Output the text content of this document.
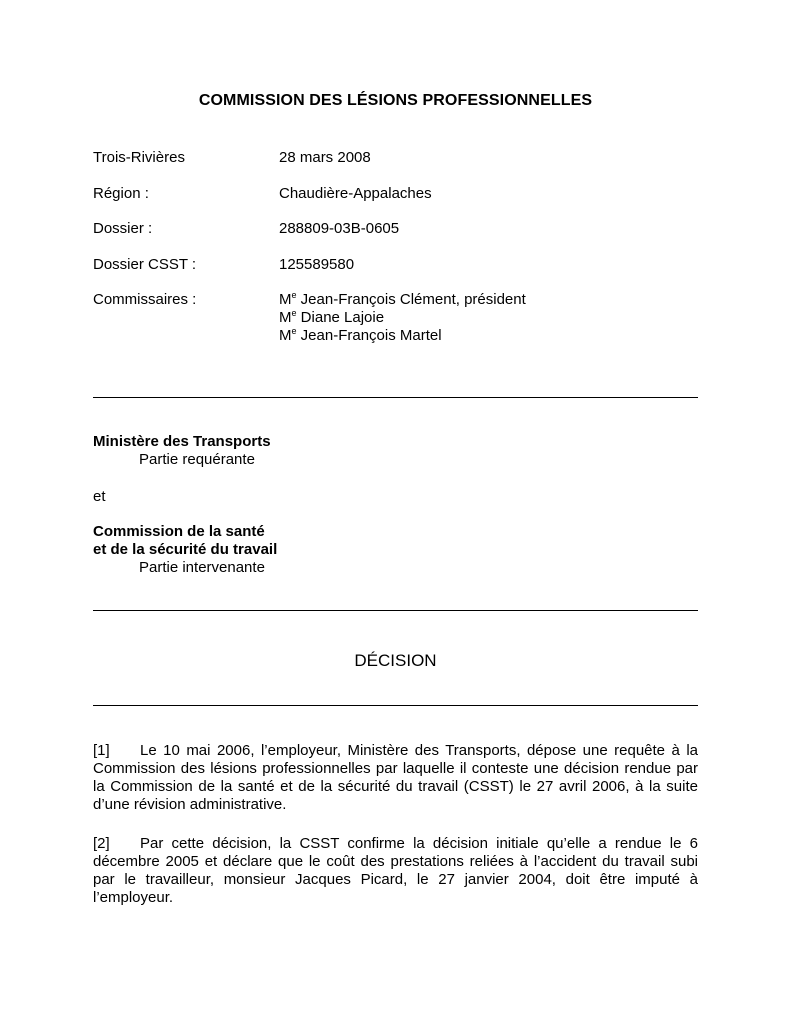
COMMISSION DES LÉSIONS PROFESSIONNELLES
Trois-Rivières	28 mars 2008
Région :	Chaudière-Appalaches
Dossier :	288809-03B-0605
Dossier CSST :	125589580
Commissaires :	Me Jean-François Clément, président
Me Diane Lajoie
Me Jean-François Martel
Ministère des Transports
Partie requérante
et
Commission de la santé
et de la sécurité du travail
Partie intervenante
DÉCISION

[1] Le 10 mai 2006, l’employeur, Ministère des Transports, dépose une requête à la Commission des lésions professionnelles par laquelle il conteste une décision rendue par la Commission de la santé et de la sécurité du travail (CSST) le 27 avril 2006, à la suite d’une révision administrative.

[2] Par cette décision, la CSST confirme la décision initiale qu’elle a rendue le 6 décembre 2005 et déclare que le coût des prestations reliées à l’accident du travail subi par le travailleur, monsieur Jacques Picard, le 27 janvier 2004, doit être imputé à l’employeur.
